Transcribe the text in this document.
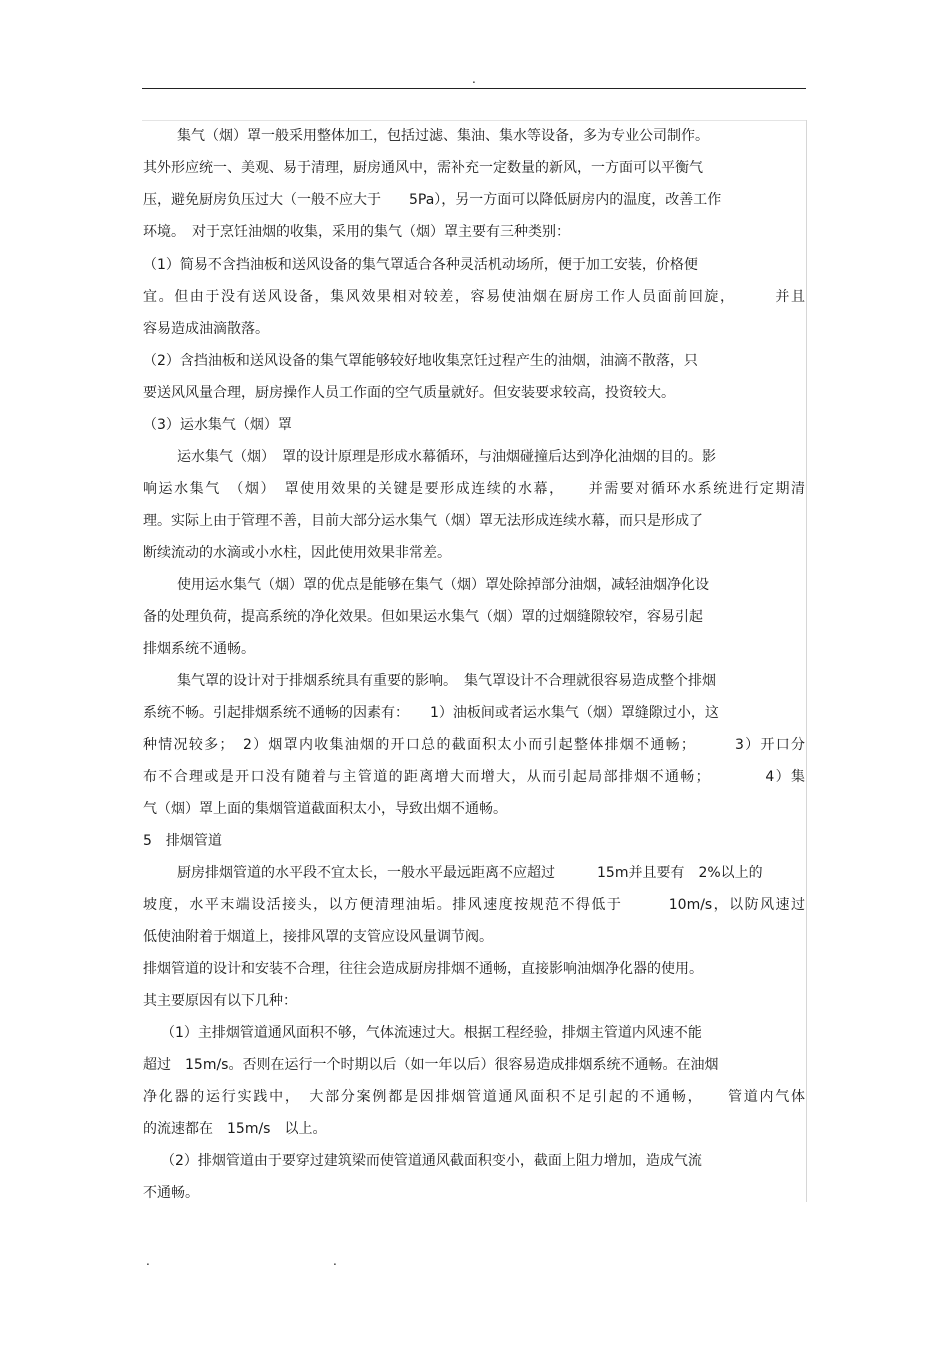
.
集气（烟）罩一般采用整体加工，包括过滤、集油、集水等设备，多为专业公司制作。
其外形应统一、美观、易于清理，厨房通风中，需补充一定数量的新风，一方面可以平衡气
压，避免厨房负压过大（一般不应大于　　5Pa），另一方面可以降低厨房内的温度，改善工作
环境。　对于烹饪油烟的收集，采用的集气（烟）罩主要有三种类别：
（1）简易不含挡油板和送风设备的集气罩适合各种灵活机动场所，便于加工安装，价格便
宜。但由于没有送风设备，集风效果相对较差，容易使油烟在厨房工作人员面前回旋，　　　并且
容易造成油滴散落。
（2）含挡油板和送风设备的集气罩能够较好地收集烹饪过程产生的油烟，油滴不散落，只
要送风风量合理，厨房操作人员工作面的空气质量就好。但安装要求较高，投资较大。
（3）运水集气（烟）罩
运水集气（烟）　罩的设计原理是形成水幕循环，与油烟碰撞后达到净化油烟的目的。影
响运水集气　（烟）　罩使用效果的关键是要形成连续的水幕，　　并需要对循环水系统进行定期清
理。实际上由于管理不善，目前大部分运水集气（烟）罩无法形成连续水幕，而只是形成了
断续流动的水滴或小水柱，因此使用效果非常差。
使用运水集气（烟）罩的优点是能够在集气（烟）罩处除掉部分油烟，减轻油烟净化设
备的处理负荷，提高系统的净化效果。但如果运水集气（烟）罩的过烟缝隙较窄，容易引起
排烟系统不通畅。
集气罩的设计对于排烟系统具有重要的影响。　集气罩设计不合理就很容易造成整个排烟
系统不畅。引起排烟系统不通畅的因素有：　　1）油板间或者运水集气（烟）罩缝隙过小，这
种情况较多；　2）烟罩内收集油烟的开口总的截面积太小而引起整体排烟不通畅；　　　3）开口分
布不合理或是开口没有随着与主管道的距离增大而增大，从而引起局部排烟不通畅；　　　　4）集
气（烟）罩上面的集烟管道截面积太小，导致出烟不通畅。
5　排烟管道
厨房排烟管道的水平段不宜太长，一般水平最远距离不应超过　　　15m并且要有　2%以上的
坡度，水平末端设活接头，以方便清理油垢。排风速度按规范不得低于　　　10m/s，以防风速过
低使油附着于烟道上，接排风罩的支管应设风量调节阀。
排烟管道的设计和安装不合理，往往会造成厨房排烟不通畅，直接影响油烟净化器的使用。
其主要原因有以下几种：
（1）主排烟管道通风面积不够，气体流速过大。根据工程经验，排烟主管道内风速不能
超过　15m/s。否则在运行一个时期以后（如一年以后）很容易造成排烟系统不通畅。在油烟
净化器的运行实践中，　大部分案例都是因排烟管道通风面积不足引起的不通畅，　　管道内气体
的流速都在　15m/s　以上。
（2）排烟管道由于要穿过建筑梁而使管道通风截面积变小，截面上阻力增加，造成气流
不通畅。
.	.
